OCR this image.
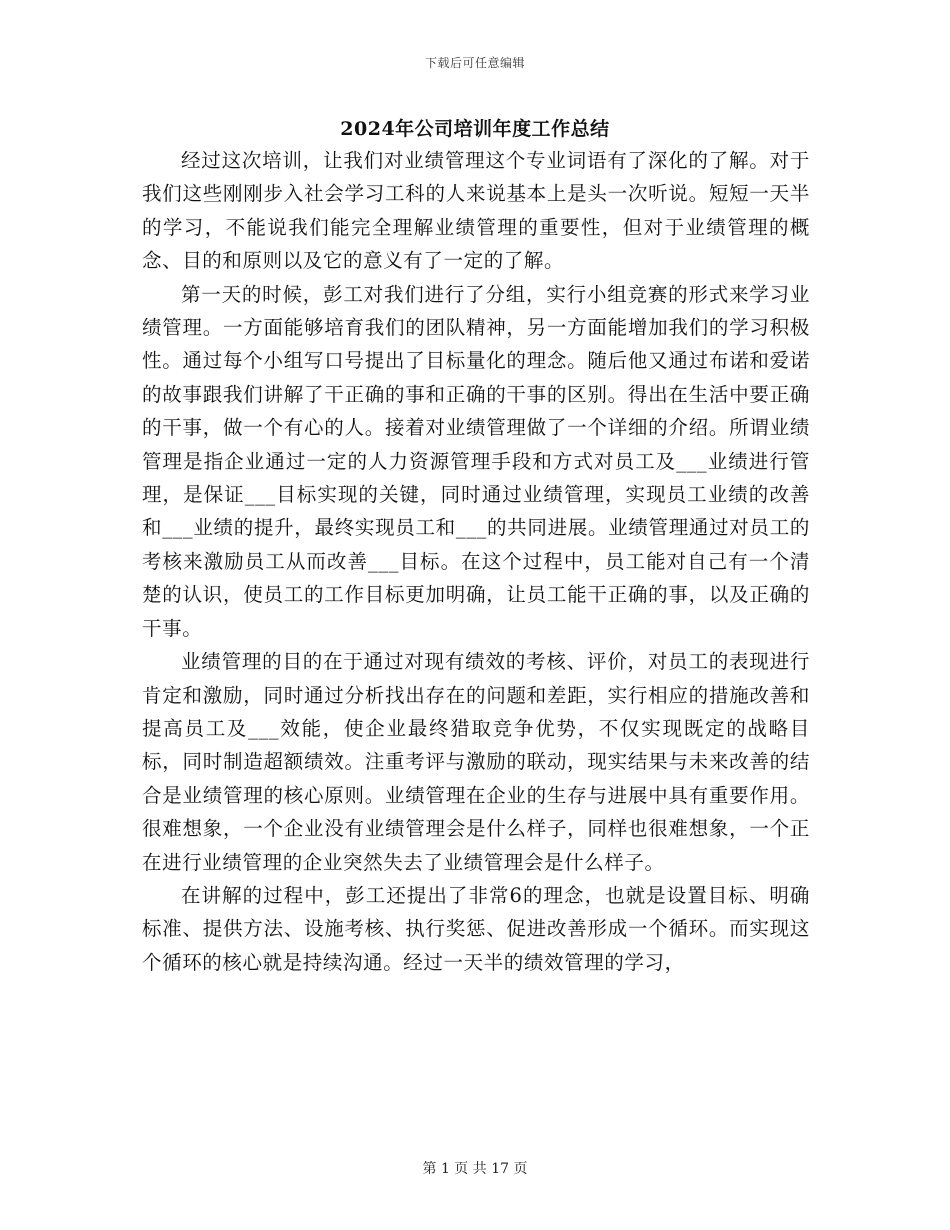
下载后可任意编辑
2024年公司培训年度工作总结

经过这次培训，让我们对业绩管理这个专业词语有了深化的了解。对于我们这些刚刚步入社会学习工科的人来说基本上是头一次听说。短短一天半的学习，不能说我们能完全理解业绩管理的重要性，但对于业绩管理的概念、目的和原则以及它的意义有了一定的了解。

第一天的时候，彭工对我们进行了分组，实行小组竞赛的形式来学习业绩管理。一方面能够培育我们的团队精神，另一方面能增加我们的学习积极性。通过每个小组写口号提出了目标量化的理念。随后他又通过布诺和爱诺的故事跟我们讲解了干正确的事和正确的干事的区别。得出在生活中要正确的干事，做一个有心的人。接着对业绩管理做了一个详细的介绍。所谓业绩管理是指企业通过一定的人力资源管理手段和方式对员工及___业绩进行管理，是保证___目标实现的关键，同时通过业绩管理，实现员工业绩的改善和___业绩的提升，最终实现员工和___的共同进展。业绩管理通过对员工的考核来激励员工从而改善___目标。在这个过程中，员工能对自己有一个清楚的认识，使员工的工作目标更加明确，让员工能干正确的事，以及正确的干事。

业绩管理的目的在于通过对现有绩效的考核、评价，对员工的表现进行肯定和激励，同时通过分析找出存在的问题和差距，实行相应的措施改善和提高员工及___效能，使企业最终猎取竞争优势，不仅实现既定的战略目标，同时制造超额绩效。注重考评与激励的联动，现实结果与未来改善的结合是业绩管理的核心原则。业绩管理在企业的生存与进展中具有重要作用。很难想象，一个企业没有业绩管理会是什么样子，同样也很难想象，一个正在进行业绩管理的企业突然失去了业绩管理会是什么样子。

在讲解的过程中，彭工还提出了非常6的理念，也就是设置目标、明确标准、提供方法、设施考核、执行奖惩、促进改善形成一个循环。而实现这个循环的核心就是持续沟通。经过一天半的绩效管理的学习，

第 1 页 共 17 页
